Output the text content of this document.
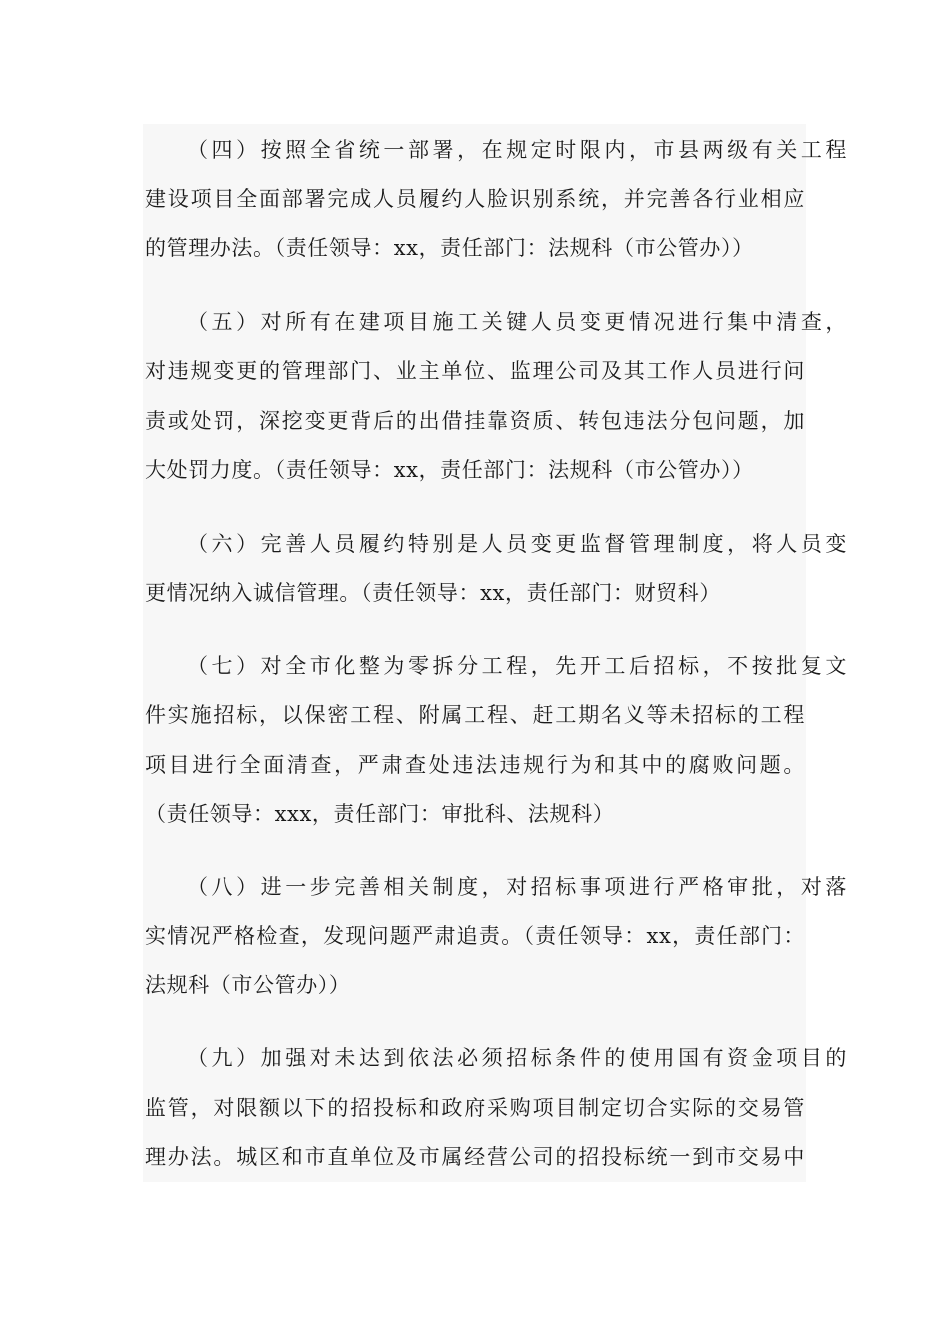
（四）按照全省统一部署，在规定时限内，市县两级有关工程
建设项目全面部署完成人员履约人脸识别系统，并完善各行业相应
的管理办法。（责任领导：xx，责任部门：法规科（市公管办））
（五）对所有在建项目施工关键人员变更情况进行集中清查，
对违规变更的管理部门、业主单位、监理公司及其工作人员进行问
责或处罚，深挖变更背后的出借挂靠资质、转包违法分包问题，加
大处罚力度。（责任领导：xx，责任部门：法规科（市公管办））
（六）完善人员履约特别是人员变更监督管理制度，将人员变
更情况纳入诚信管理。（责任领导：xx，责任部门：财贸科）
（七）对全市化整为零拆分工程，先开工后招标，不按批复文
件实施招标，以保密工程、附属工程、赶工期名义等未招标的工程
项目进行全面清查，严肃查处违法违规行为和其中的腐败问题。
（责任领导：xxx，责任部门：审批科、法规科）
（八）进一步完善相关制度，对招标事项进行严格审批，对落
实情况严格检查，发现问题严肃追责。（责任领导：xx，责任部门：
法规科（市公管办））
（九）加强对未达到依法必须招标条件的使用国有资金项目的
监管，对限额以下的招投标和政府采购项目制定切合实际的交易管
理办法。城区和市直单位及市属经营公司的招投标统一到市交易中
